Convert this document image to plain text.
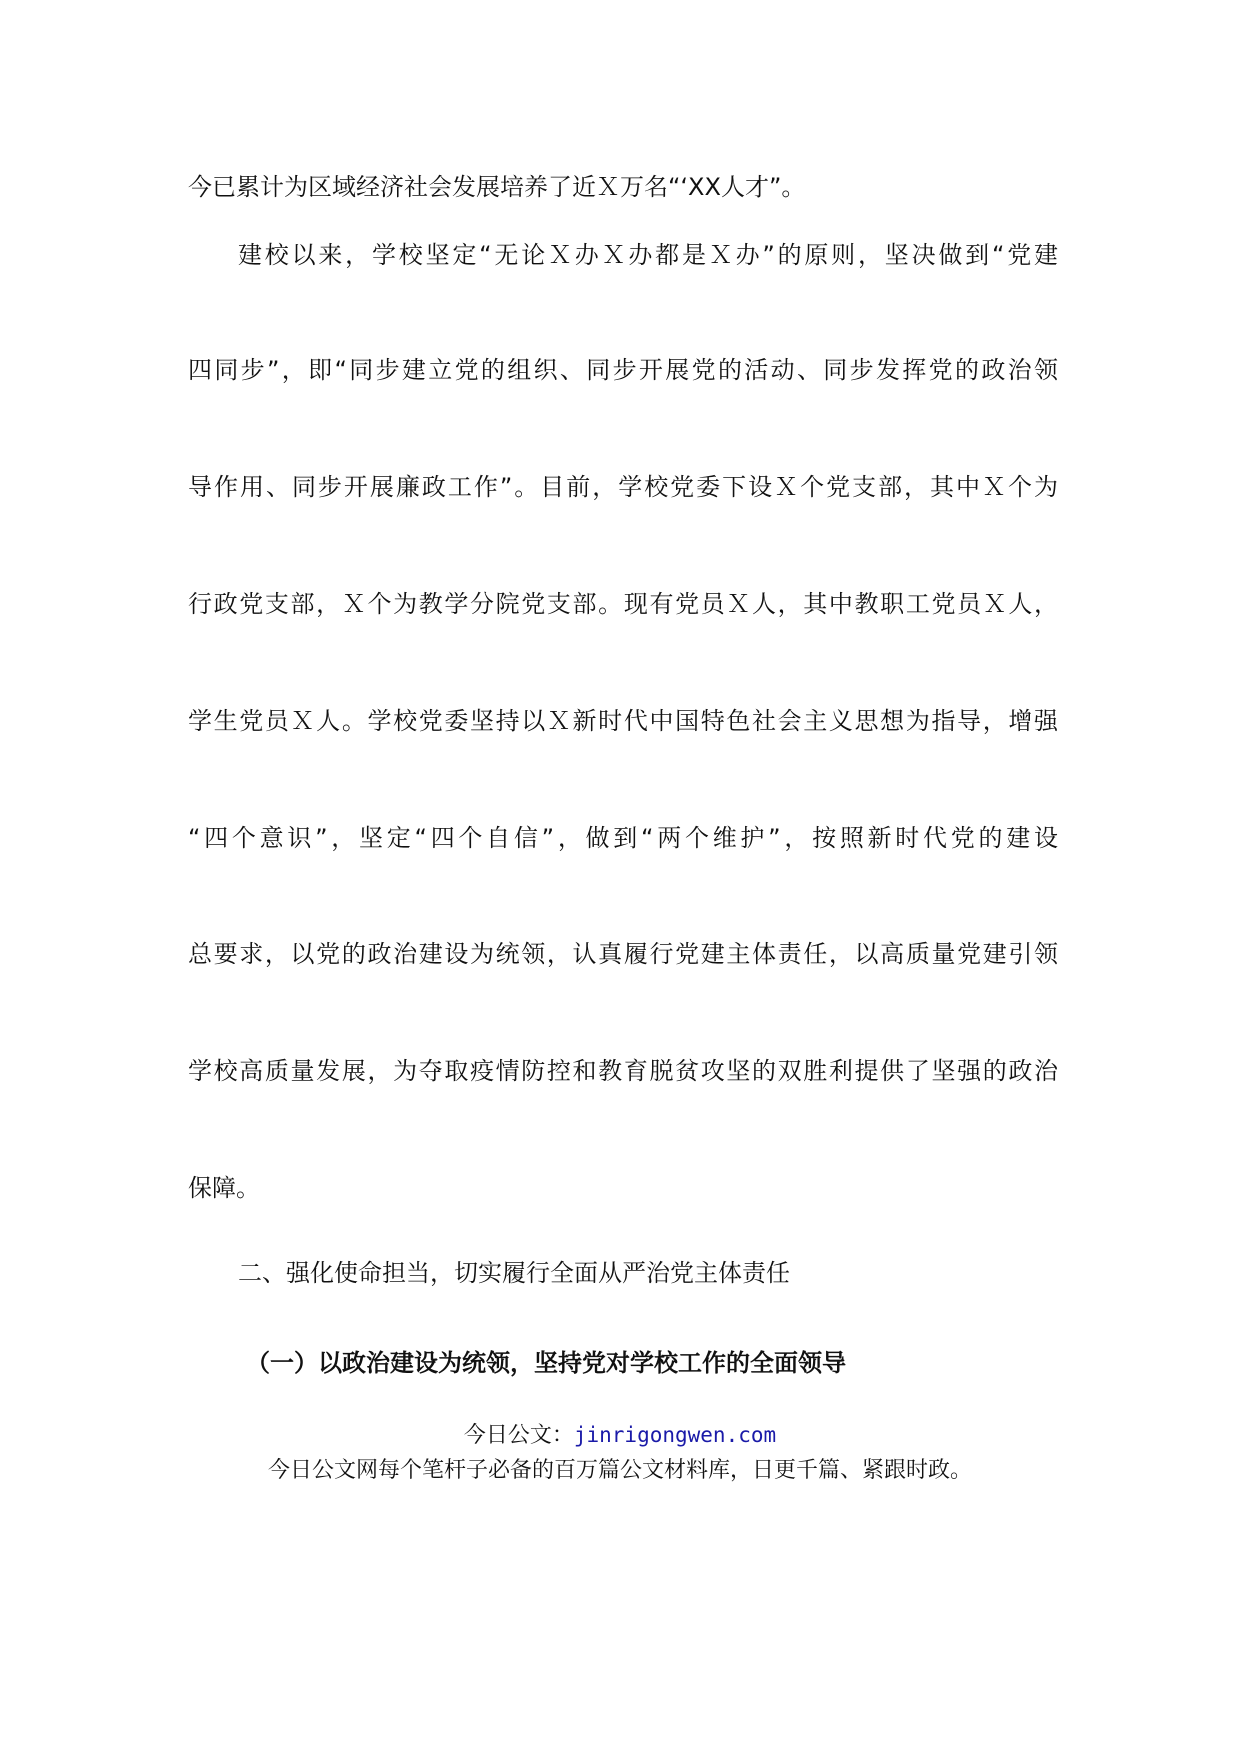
今已累计为区域经济社会发展培养了近Ｘ万名“‘XX人才”。
建校以来，学校坚定“无论Ｘ办Ｘ办都是Ｘ办”的原则，坚决做到“党建
四同步”，即“同步建立党的组织、同步开展党的活动、同步发挥党的政治领
导作用、同步开展廉政工作”。目前，学校党委下设Ｘ个党支部，其中Ｘ个为
行政党支部，Ｘ个为教学分院党支部。现有党员Ｘ人，其中教职工党员Ｘ人，
学生党员Ｘ人。学校党委坚持以Ｘ新时代中国特色社会主义思想为指导，增强
“四个意识”，坚定“四个自信”，做到“两个维护”，按照新时代党的建设
总要求，以党的政治建设为统领，认真履行党建主体责任，以高质量党建引领
学校高质量发展，为夺取疫情防控和教育脱贫攻坚的双胜利提供了坚强的政治
保障。
二、强化使命担当，切实履行全面从严治党主体责任
（一）以政治建设为统领，坚持党对学校工作的全面领导
今日公文：jinrigongwen.com
今日公文网每个笔杆子必备的百万篇公文材料库，日更千篇、紧跟时政。
